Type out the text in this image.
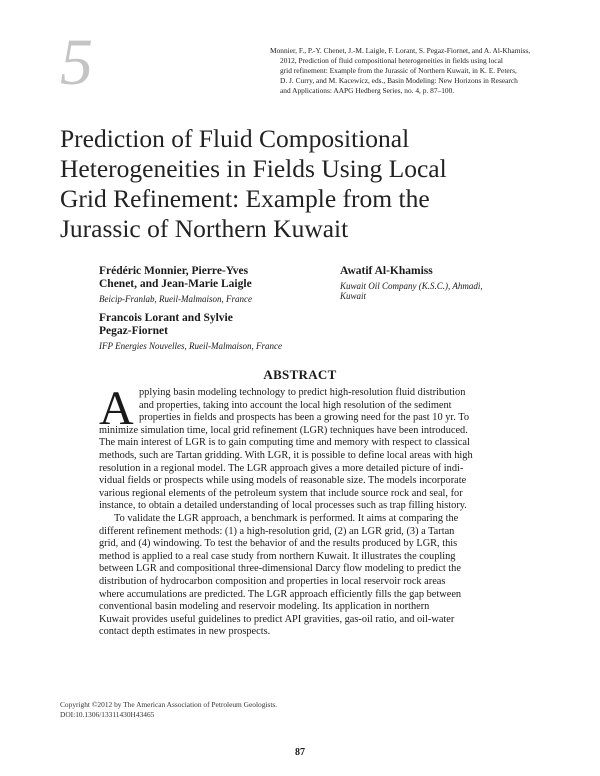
5	Monnier, F., P.-Y. Chenet, J.-M. Laigle, F. Lorant, S. Pegaz-Fiornet, and A. Al-Khamiss,
2012, Prediction of fluid compositional heterogeneities in fields using local
grid refinement: Example from the Jurassic of Northern Kuwait, in K. E. Peters,
D. J. Curry, and M. Kacewicz, eds., Basin Modeling: New Horizons in Research
and Applications: AAPG Hedberg Series, no. 4, p. 87–100.
Prediction of Fluid Compositional
Heterogeneities in Fields Using Local
Grid Refinement: Example from the
Jurassic of Northern Kuwait
Frédéric Monnier, Pierre-Yves
Chenet, and Jean-Marie Laigle
Beicip-Franlab, Rueil-Malmaison, France
Francois Lorant and Sylvie
Pegaz-Fiornet
IFP Energies Nouvelles, Rueil-Malmaison, France
Awatif Al-Khamiss
Kuwait Oil Company (K.S.C.), Ahmadi,
Kuwait
ABSTRACT
A pplying basin modeling technology to predict high-resolution fluid distribution
and properties, taking into account the local high resolution of the sediment
properties in fields and prospects has been a growing need for the past 10 yr. To
minimize simulation time, local grid refinement (LGR) techniques have been introduced.
The main interest of LGR is to gain computing time and memory with respect to classical
methods, such are Tartan gridding. With LGR, it is possible to define local areas with high
resolution in a regional model. The LGR approach gives a more detailed picture of indi-
vidual fields or prospects while using models of reasonable size. The models incorporate
various regional elements of the petroleum system that include source rock and seal, for
instance, to obtain a detailed understanding of local processes such as trap filling history.
To validate the LGR approach, a benchmark is performed. It aims at comparing the
different refinement methods: (1) a high-resolution grid, (2) an LGR grid, (3) a Tartan
grid, and (4) windowing. To test the behavior of and the results produced by LGR, this
method is applied to a real case study from northern Kuwait. It illustrates the coupling
between LGR and compositional three-dimensional Darcy flow modeling to predict the
distribution of hydrocarbon composition and properties in local reservoir rock areas
where accumulations are predicted. The LGR approach efficiently fills the gap between
conventional basin modeling and reservoir modeling. Its application in northern
Kuwait provides useful guidelines to predict API gravities, gas-oil ratio, and oil-water
contact depth estimates in new prospects.
Copyright ©2012 by The American Association of Petroleum Geologists.
DOI:10.1306/13311430H43465
87
